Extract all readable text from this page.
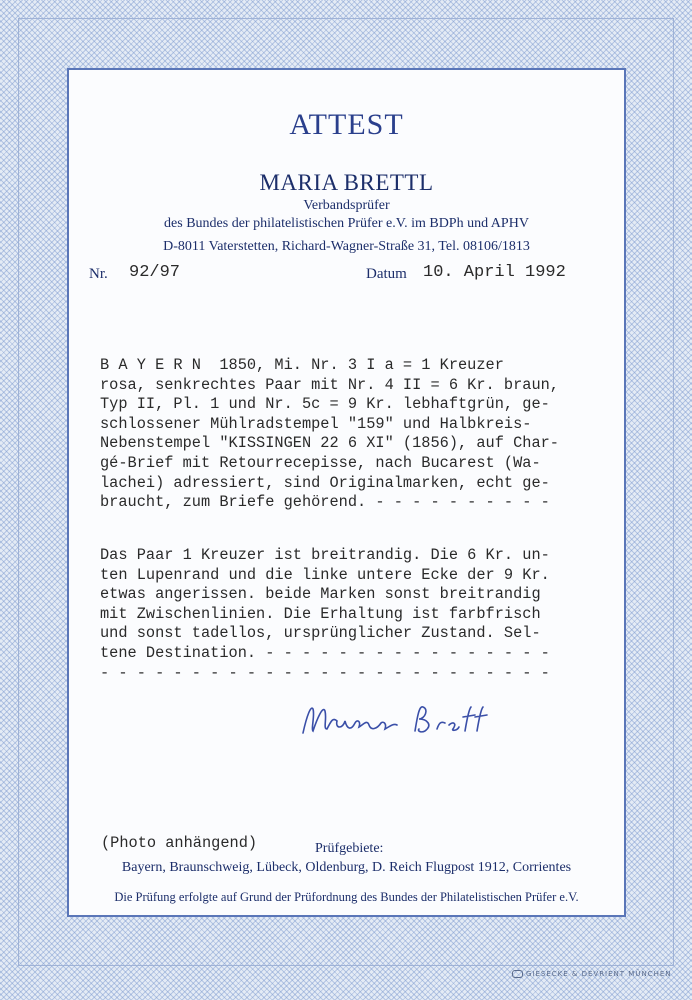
ATTEST
MARIA BRETTL
Verbandsprüfer
des Bundes der philatelistischen Prüfer e.V. im BDPh und APHV
D-8011 Vaterstetten, Richard-Wagner-Straße 31, Tel. 08106/1813
Nr. 92/97	Datum 10. April 1992
B A Y E R N  1850, Mi. Nr. 3 I a = 1 Kreuzer
rosa, senkrechtes Paar mit Nr. 4 II = 6 Kr. braun,
Typ II, Pl. 1 und Nr. 5c = 9 Kr. lebhaftgrün, ge-
schlossener Mühlradstempel "159" und Halbkreis-
Nebenstempel "KISSINGEN 22 6 XI" (1856), auf Char-
gé-Brief mit Retourrecepisse, nach Bucarest (Wa-
lachei) adressiert, sind Originalmarken, echt ge-
braucht, zum Briefe gehörend. - - - - - - - - - -
Das Paar 1 Kreuzer ist breitrandig. Die 6 Kr. un-
ten Lupenrand und die linke untere Ecke der 9 Kr.
etwas angerissen. beide Marken sonst breitrandig
mit Zwischenlinien. Die Erhaltung ist farbfrisch
und sonst tadellos, ursprünglicher Zustand. Sel-
tene Destination. - - - - - - - - - - - - - - - -
- - - - - - - - - - - - - - - - - - - - - - - - -
(Photo anhängend)	Prüfgebiete:
Bayern, Braunschweig, Lübeck, Oldenburg, D. Reich Flugpost 1912, Corrientes
Die Prüfung erfolgte auf Grund der Prüfordnung des Bundes der Philatelistischen Prüfer e.V.
GIESECKE & DEVRIENT MÜNCHEN
